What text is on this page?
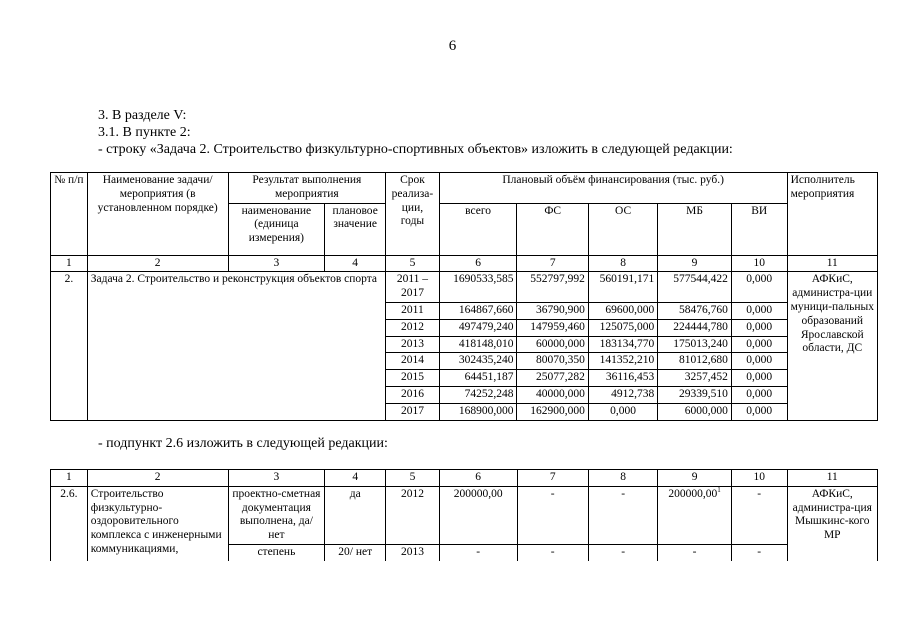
6
3. В разделе V:
3.1. В пункте 2:
- строку «Задача 2. Строительство физкультурно-спортивных объектов» изложить в следующей редакции:
№ п/п	Наименование задачи/ мероприятия (в установленном порядке)	Результат выполнения мероприятия		Срок реализа-ции, годы	Плановый объём финансирования (тыс. руб.)					Исполнитель мероприятия
		наименование (единица измерения)	плановое значение		всего	ФС	ОС	МБ	ВИ	
1	2	3	4	5	6	7	8	9	10	11
2.	Задача 2. Строительство и реконструкция объектов спорта			2011 – 2017	1690533,585	552797,992	560191,171	577544,422	0,000	АФКиС, администра-ции муници-пальных образований Ярославской области, ДС
				2011	164867,660	36790,900	69600,000	58476,760	0,000	
				2012	497479,240	147959,460	125075,000	224444,780	0,000	
				2013	418148,010	60000,000	183134,770	175013,240	0,000	
				2014	302435,240	80070,350	141352,210	81012,680	0,000	
				2015	64451,187	25077,282	36116,453	3257,452	0,000	
				2016	74252,248	40000,000	4912,738	29339,510	0,000	
				2017	168900,000	162900,000	0,000	6000,000	0,000	
- подпункт 2.6 изложить в следующей редакции:
1	2	3	4	5	6	7	8	9	10	11
2.6.	Строительство физкультурно-оздоровительного комплекса с инженерными коммуникациями,	проектно-сметная документация выполнена, да/ нет	да	2012	200000,00	-	-	200000,00$^1$	-	АФКиС, администра-ция Мышкинс-кого МР
		степень	20/ нет	2013	-	-	-	-	-	
